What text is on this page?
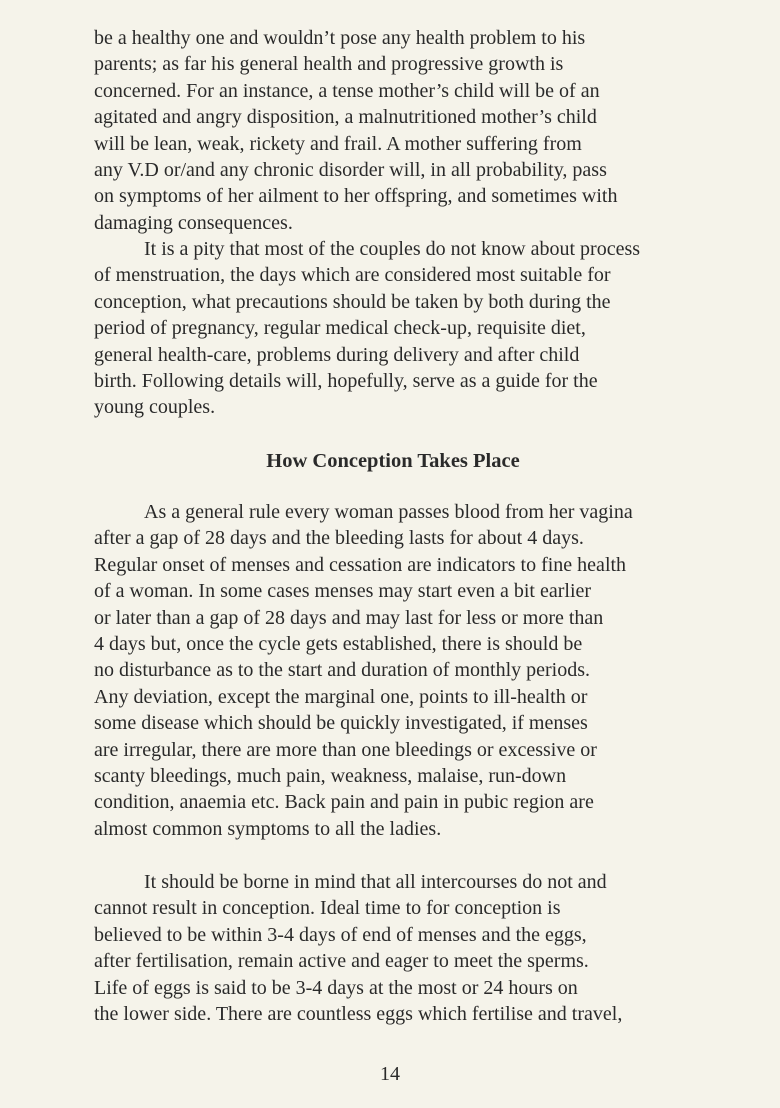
be a healthy one and wouldn’t pose any health problem to his
parents; as far his general health and progressive growth is
concerned. For an instance, a tense mother’s child will be of an
agitated and angry disposition, a malnutritioned mother’s child
will be lean, weak, rickety and frail. A mother suffering from
any V.D or/and any chronic disorder will, in all probability, pass
on symptoms of her ailment to her offspring, and sometimes with
damaging consequences.
It is a pity that most of the couples do not know about process
of menstruation, the days which are considered most suitable for
conception, what precautions should be taken by both during the
period of pregnancy, regular medical check-up, requisite diet,
general health-care, problems during delivery and after child
birth. Following details will, hopefully, serve as a guide for the
young couples.
How Conception Takes Place
As a general rule every woman passes blood from her vagina
after a gap of 28 days and the bleeding lasts for about 4 days.
Regular onset of menses and cessation are indicators to fine health
of a woman. In some cases menses may start even a bit earlier
or later than a gap of 28 days and may last for less or more than
4 days but, once the cycle gets established, there is should be
no disturbance as to the start and duration of monthly periods.
Any deviation, except the marginal one, points to ill-health or
some disease which should be quickly investigated, if menses
are irregular, there are more than one bleedings or excessive or
scanty bleedings, much pain, weakness, malaise, run-down
condition, anaemia etc. Back pain and pain in pubic region are
almost common symptoms to all the ladies.
It should be borne in mind that all intercourses do not and
cannot result in conception. Ideal time to for conception is
believed to be within 3-4 days of end of menses and the eggs,
after fertilisation, remain active and eager to meet the sperms.
Life of eggs is said to be 3-4 days at the most or 24 hours on
the lower side. There are countless eggs which fertilise and travel,
14
